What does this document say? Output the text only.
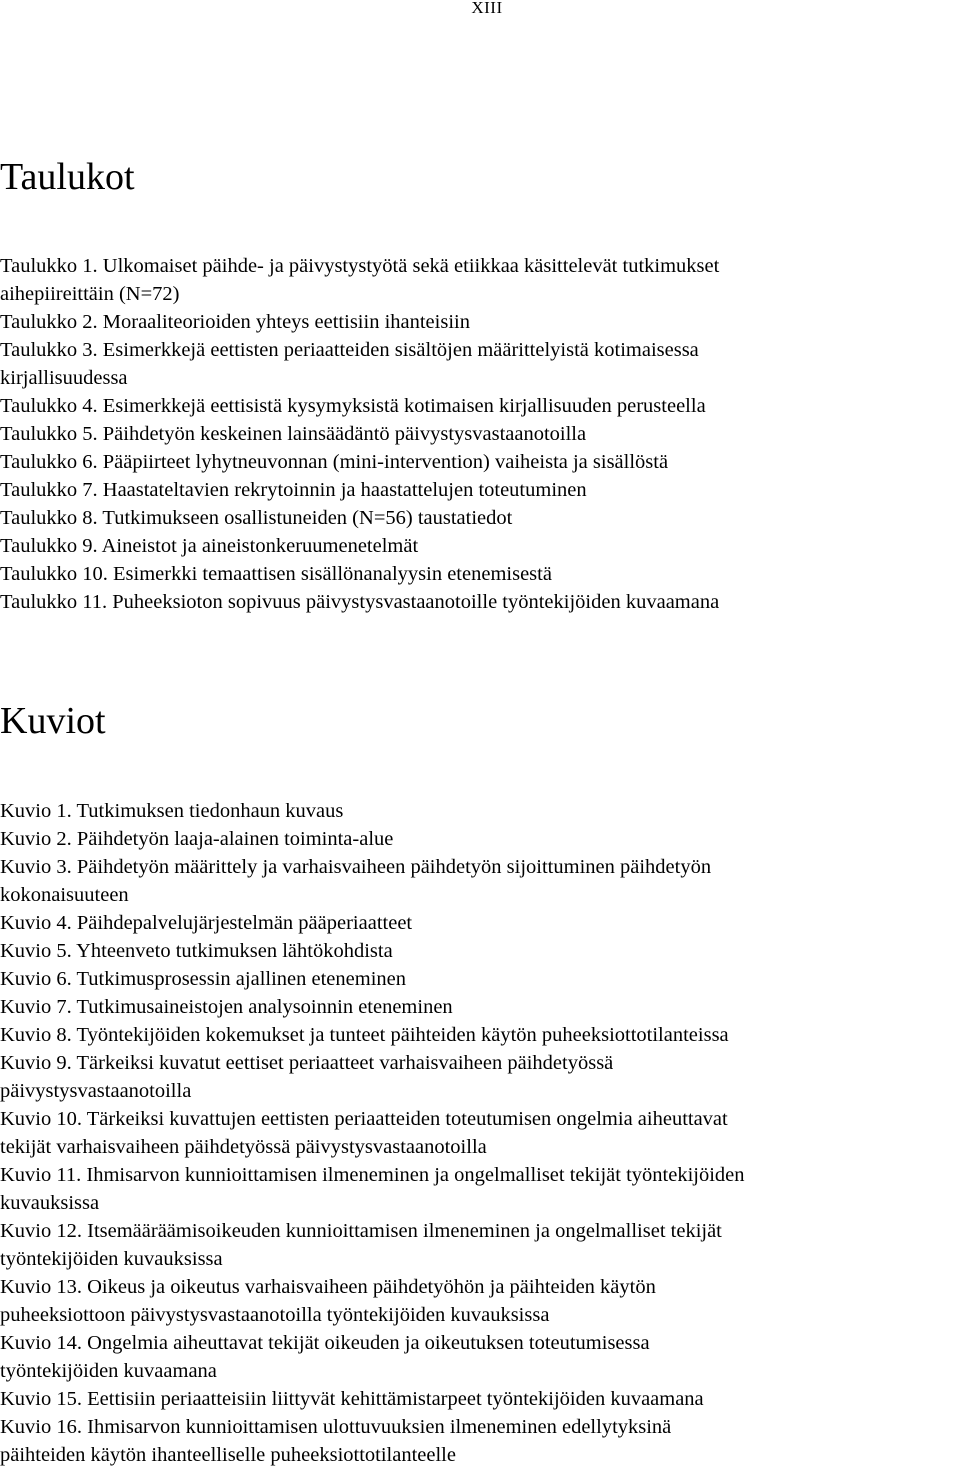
XIII
Taulukot
Taulukko 1. Ulkomaiset päihde- ja päivystystyötä sekä etiikkaa käsittelevät tutkimukset
aihepiireittäin (N=72)
Taulukko 2. Moraaliteorioiden yhteys eettisiin ihanteisiin
Taulukko 3. Esimerkkejä eettisten periaatteiden sisältöjen määrittelyistä kotimaisessa
kirjallisuudessa
Taulukko 4. Esimerkkejä eettisistä kysymyksistä kotimaisen kirjallisuuden perusteella
Taulukko 5. Päihdetyön keskeinen lainsäädäntö päivystysvastaanotoilla
Taulukko 6. Pääpiirteet lyhytneuvonnan (mini-intervention) vaiheista ja sisällöstä
Taulukko 7. Haastateltavien rekrytoinnin ja haastattelujen toteutuminen
Taulukko 8. Tutkimukseen osallistuneiden (N=56) taustatiedot
Taulukko 9. Aineistot ja aineistonkeruumenetelmät
Taulukko 10. Esimerkki temaattisen sisällönanalyysin etenemisestä
Taulukko 11. Puheeksioton sopivuus päivystysvastaanotoille työntekijöiden kuvaamana
Kuviot
Kuvio 1. Tutkimuksen tiedonhaun kuvaus
Kuvio 2. Päihdetyön laaja-alainen toiminta-alue
Kuvio 3. Päihdetyön määrittely ja varhaisvaiheen päihdetyön sijoittuminen päihdetyön
kokonaisuuteen
Kuvio 4. Päihdepalvelujärjestelmän pääperiaatteet
Kuvio 5. Yhteenveto tutkimuksen lähtökohdista
Kuvio 6. Tutkimusprosessin ajallinen eteneminen
Kuvio 7. Tutkimusaineistojen analysoinnin eteneminen
Kuvio 8. Työntekijöiden kokemukset ja tunteet päihteiden käytön puheeksiottotilanteissa
Kuvio 9. Tärkeiksi kuvatut eettiset periaatteet varhaisvaiheen päihdetyössä
päivystysvastaanotoilla
Kuvio 10. Tärkeiksi kuvattujen eettisten periaatteiden toteutumisen ongelmia aiheuttavat
tekijät varhaisvaiheen päihdetyössä päivystysvastaanotoilla
Kuvio 11. Ihmisarvon kunnioittamisen ilmeneminen ja ongelmalliset tekijät työntekijöiden
kuvauksissa
Kuvio 12. Itsemääräämisoikeuden kunnioittamisen ilmeneminen ja ongelmalliset tekijät
työntekijöiden kuvauksissa
Kuvio 13. Oikeus ja oikeutus varhaisvaiheen päihdetyöhön ja päihteiden käytön
puheeksiottoon päivystysvastaanotoilla työntekijöiden kuvauksissa
Kuvio 14. Ongelmia aiheuttavat tekijät oikeuden ja oikeutuksen toteutumisessa
työntekijöiden kuvaamana
Kuvio 15. Eettisiin periaatteisiin liittyvät kehittämistarpeet työntekijöiden kuvaamana
Kuvio 16. Ihmisarvon kunnioittamisen ulottuvuuksien ilmeneminen edellytyksinä
päihteiden käytön ihanteelliselle puheeksiottotilanteelle
